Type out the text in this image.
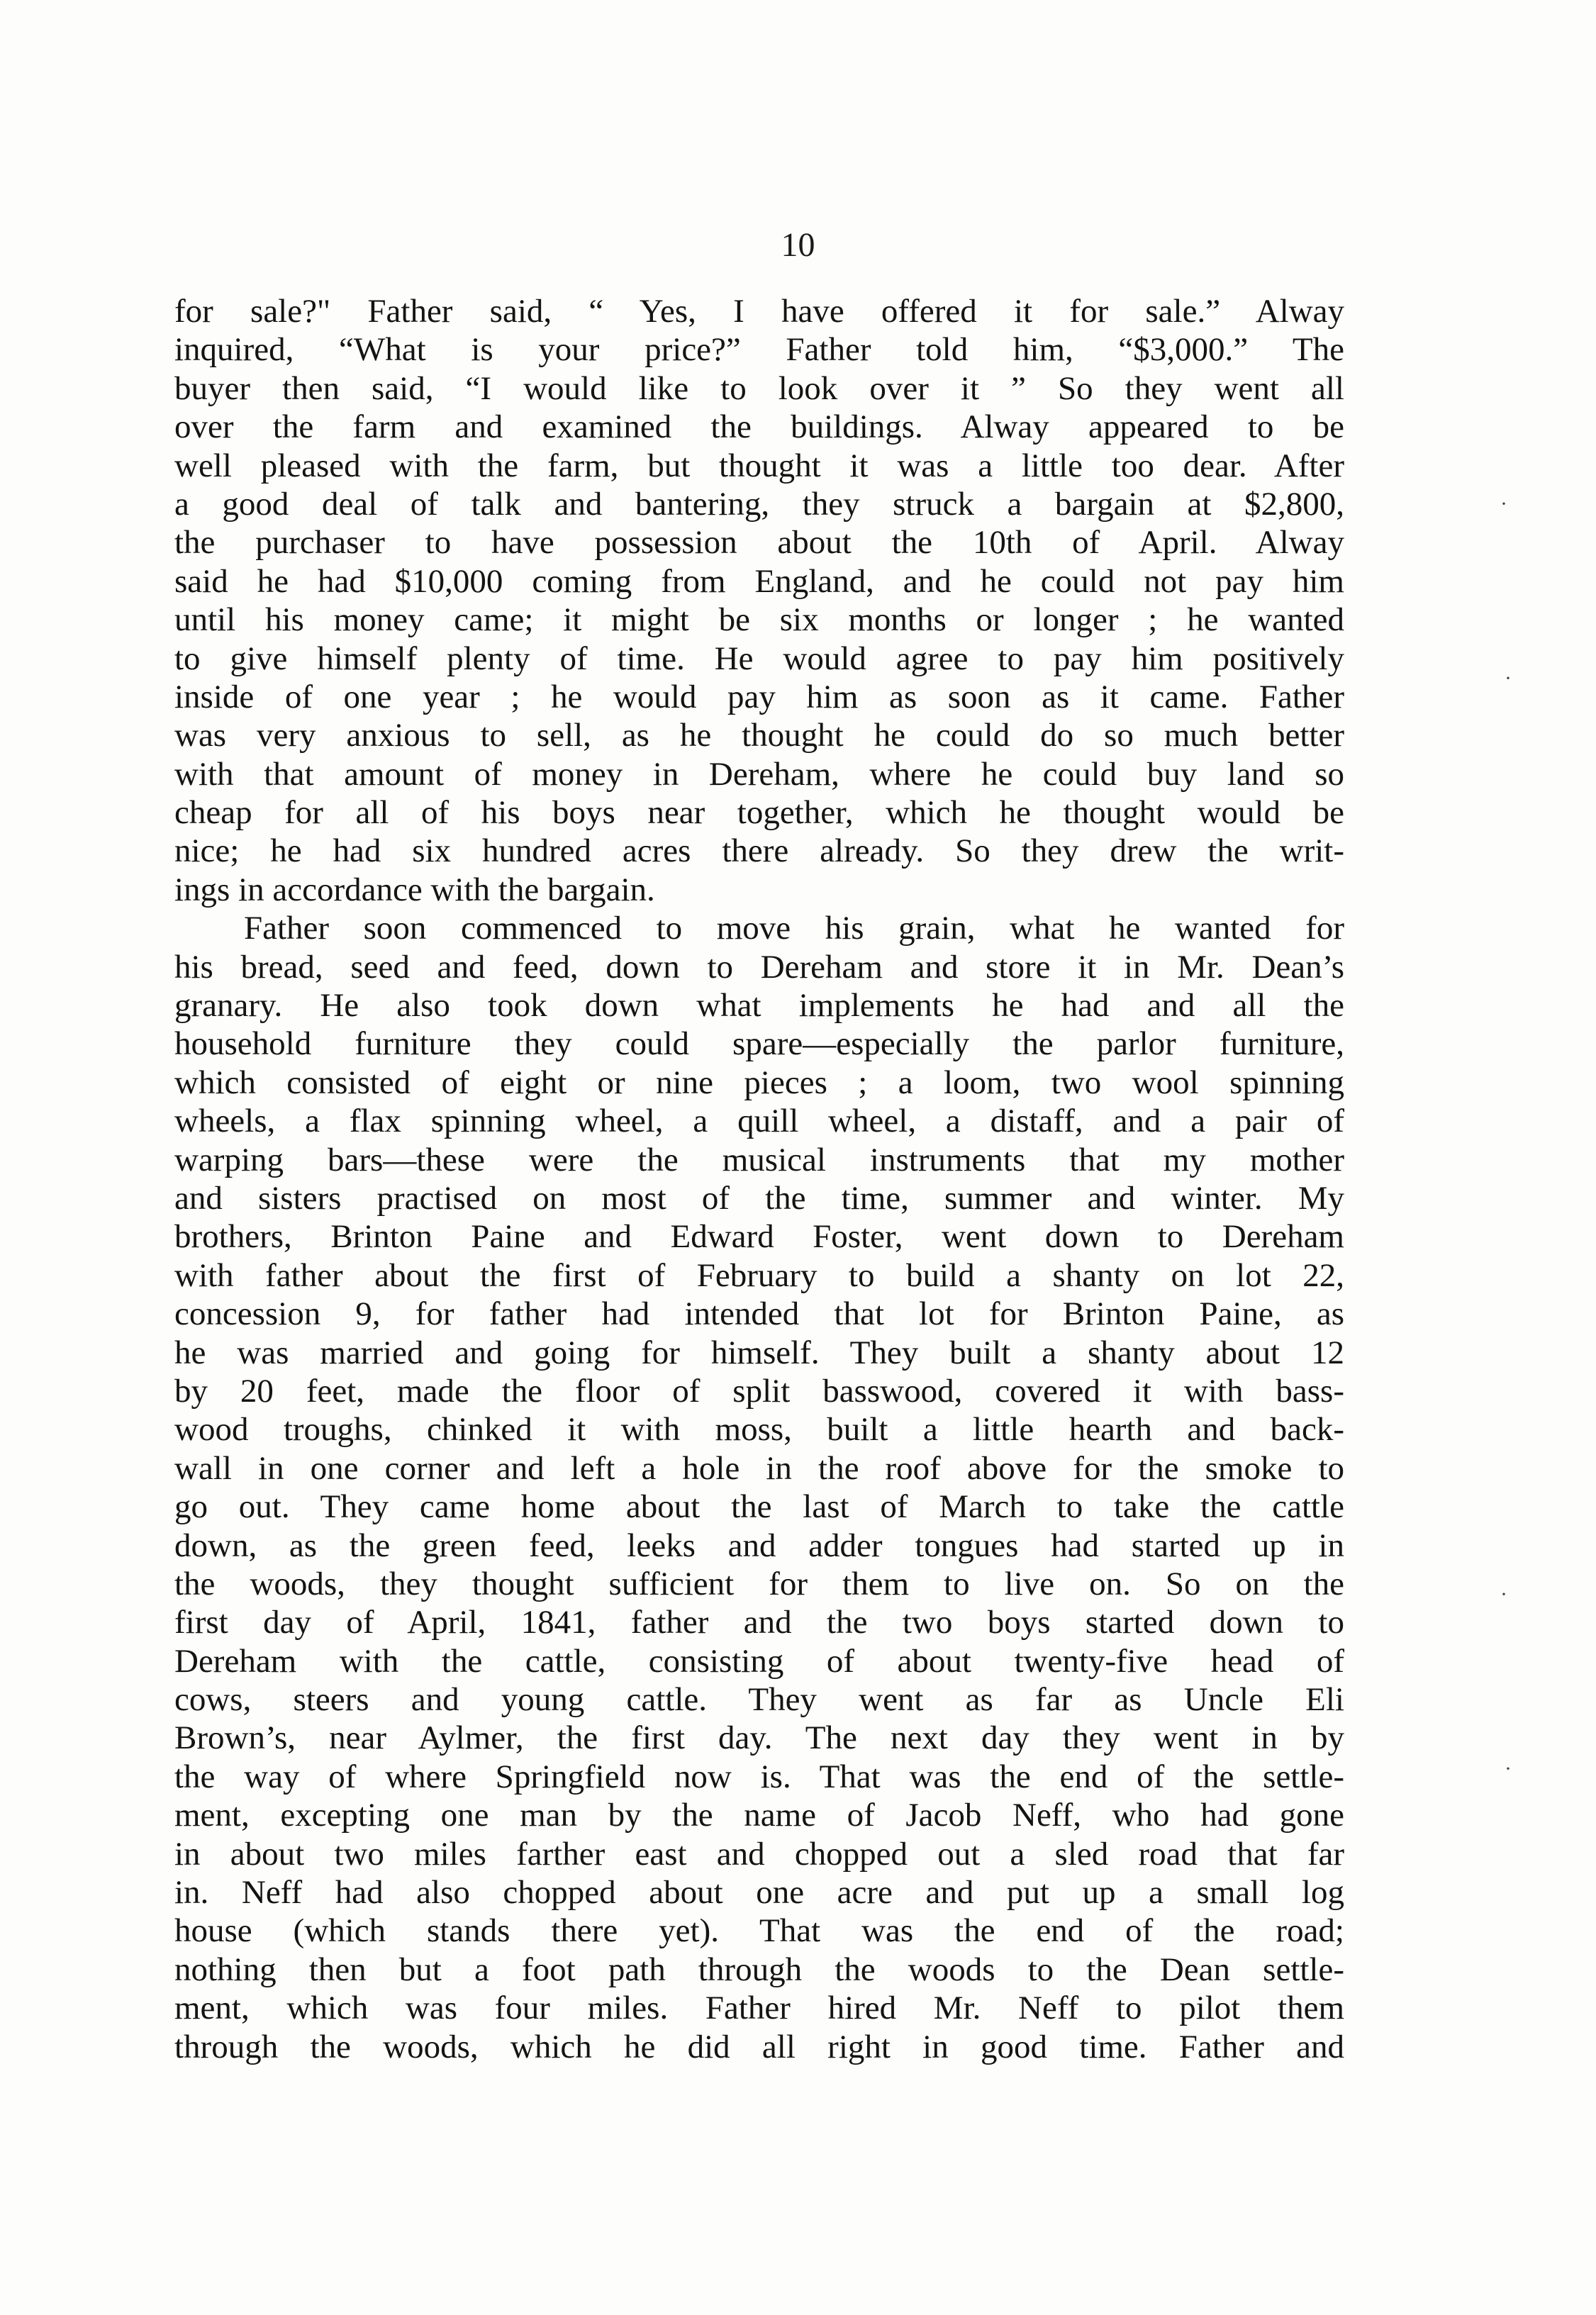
10
for sale?" Father said, “ Yes, I have offered it for sale.” Alway
inquired, “What is your price?” Father told him, “$3,000.” The
buyer then said, “I would like to look over it ” So they went all
over the farm and examined the buildings. Alway appeared to be
well pleased with the farm, but thought it was a little too dear. After
a good deal of talk and bantering, they struck a bargain at $2,800,
the purchaser to have possession about the 10th of April. Alway
said he had $10,000 coming from England, and he could not pay him
until his money came; it might be six months or longer ; he wanted
to give himself plenty of time. He would agree to pay him positively
inside of one year ; he would pay him as soon as it came. Father
was very anxious to sell, as he thought he could do so much better
with that amount of money in Dereham, where he could buy land so
cheap for all of his boys near together, which he thought would be
nice; he had six hundred acres there already. So they drew the writ-
ings in accordance with the bargain.
Father soon commenced to move his grain, what he wanted for
his bread, seed and feed, down to Dereham and store it in Mr. Dean’s
granary. He also took down what implements he had and all the
household furniture they could spare—especially the parlor furniture,
which consisted of eight or nine pieces ; a loom, two wool spinning
wheels, a flax spinning wheel, a quill wheel, a distaff, and a pair of
warping bars—these were the musical instruments that my mother
and sisters practised on most of the time, summer and winter. My
brothers, Brinton Paine and Edward Foster, went down to Dereham
with father about the first of February to build a shanty on lot 22,
concession 9, for father had intended that lot for Brinton Paine, as
he was married and going for himself. They built a shanty about 12
by 20 feet, made the floor of split basswood, covered it with bass-
wood troughs, chinked it with moss, built a little hearth and back-
wall in one corner and left a hole in the roof above for the smoke to
go out. They came home about the last of March to take the cattle
down, as the green feed, leeks and adder tongues had started up in
the woods, they thought sufficient for them to live on. So on the
first day of April, 1841, father and the two boys started down to
Dereham with the cattle, consisting of about twenty-five head of
cows, steers and young cattle. They went as far as Uncle Eli
Brown’s, near Aylmer, the first day. The next day they went in by
the way of where Springfield now is. That was the end of the settle-
ment, excepting one man by the name of Jacob Neff, who had gone
in about two miles farther east and chopped out a sled road that far
in. Neff had also chopped about one acre and put up a small log
house (which stands there yet). That was the end of the road;
nothing then but a foot path through the woods to the Dean settle-
ment, which was four miles. Father hired Mr. Neff to pilot them
through the woods, which he did all right in good time. Father and
·
·
·
·
